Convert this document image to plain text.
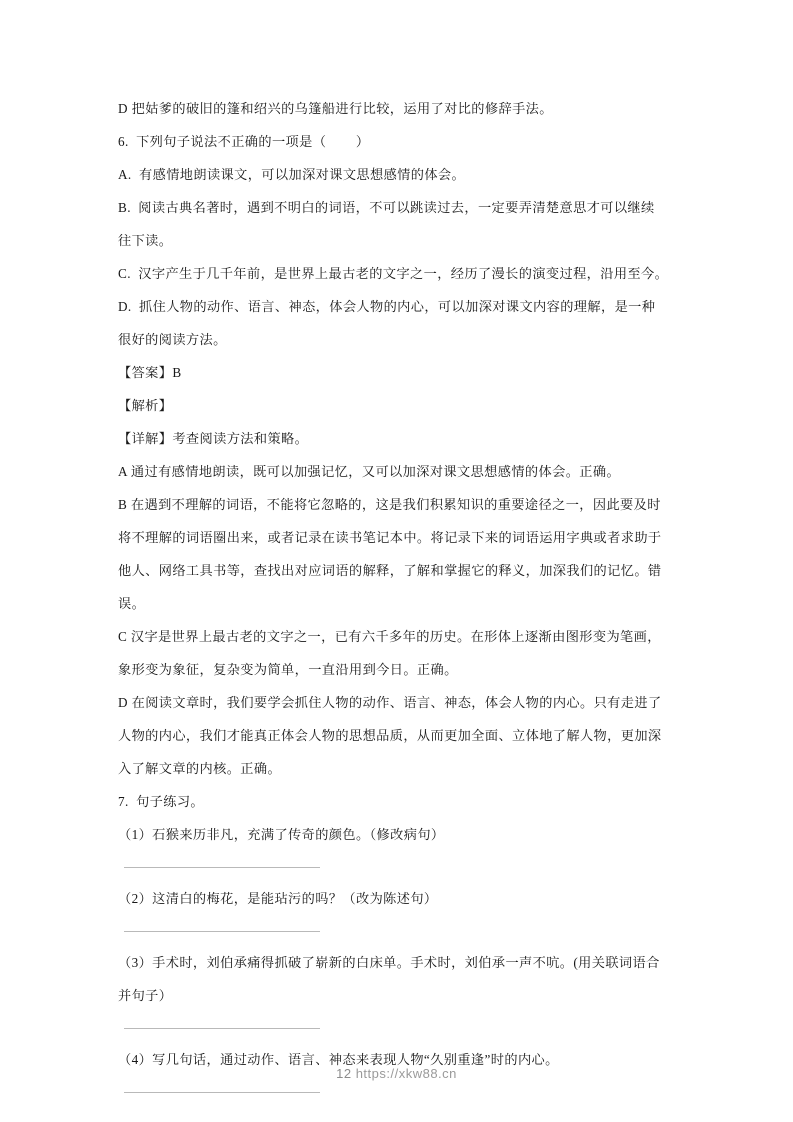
D 把姑爹的破旧的篷和绍兴的乌篷船进行比较，运用了对比的修辞手法。
6.  下列句子说法不正确的一项是（        ）
A.  有感情地朗读课文，可以加深对课文思想感情的体会。
B.  阅读古典名著时，遇到不明白的词语，不可以跳读过去，一定要弄清楚意思才可以继续
往下读。
C.  汉字产生于几千年前，是世界上最古老的文字之一，经历了漫长的演变过程，沿用至今。
D.  抓住人物的动作、语言、神态，体会人物的内心，可以加深对课文内容的理解，是一种
很好的阅读方法。
【答案】B
【解析】
【详解】考查阅读方法和策略。
A 通过有感情地朗读，既可以加强记忆，又可以加深对课文思想感情的体会。正确。
B 在遇到不理解的词语，不能将它忽略的，这是我们积累知识的重要途径之一，因此要及时
将不理解的词语圈出来，或者记录在读书笔记本中。将记录下来的词语运用字典或者求助于
他人、网络工具书等，查找出对应词语的解释，了解和掌握它的释义，加深我们的记忆。错误。
C 汉字是世界上最古老的文字之一，已有六千多年的历史。在形体上逐渐由图形变为笔画，
象形变为象征，复杂变为简单，一直沿用到今日。正确。
D 在阅读文章时，我们要学会抓住人物的动作、语言、神态，体会人物的内心。只有走进了
人物的内心，我们才能真正体会人物的思想品质，从而更加全面、立体地了解人物，更加深
入了解文章的内核。正确。
7.  句子练习。
（1）石猴来历非凡，充满了传奇的颜色。（修改病句）
（2）这清白的梅花，是能玷污的吗？（改为陈述句）
（3）手术时，刘伯承痛得抓破了崭新的白床单。手术时，刘伯承一声不吭。(用关联词语合
并句子）
（4）写几句话，通过动作、语言、神态来表现人物“久别重逢”时的内心。
12 https://xkw88.cn
